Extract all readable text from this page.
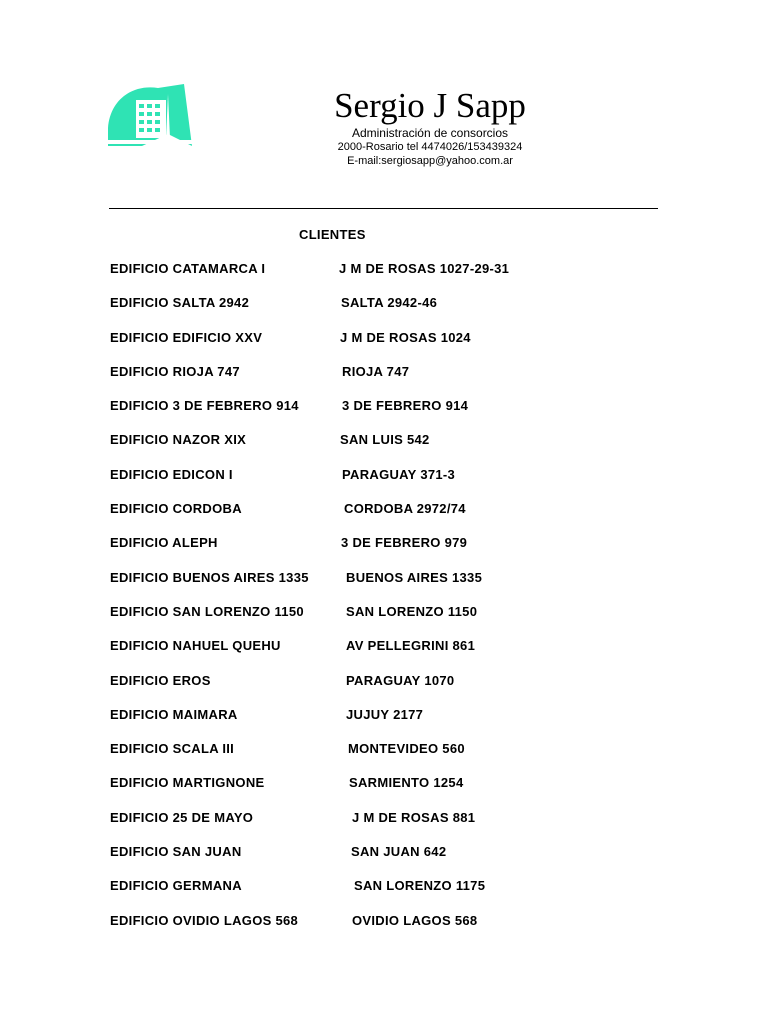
Sergio J Sapp
Administración de consorcios
2000-Rosario tel 4474026/153439324
E-mail:sergiosapp@yahoo.com.ar
CLIENTES
EDIFICIO CATAMARCA I	J M DE ROSAS 1027-29-31
EDIFICIO SALTA 2942	SALTA 2942-46
EDIFICIO EDIFICIO XXV	J M DE ROSAS 1024
EDIFICIO RIOJA 747	RIOJA 747
EDIFICIO 3 DE FEBRERO 914	3 DE FEBRERO 914
EDIFICIO NAZOR XIX	SAN LUIS 542
EDIFICIO EDICON I	PARAGUAY 371-3
EDIFICIO CORDOBA	CORDOBA 2972/74
EDIFICIO ALEPH	3 DE FEBRERO 979
EDIFICIO BUENOS AIRES 1335	BUENOS AIRES 1335
EDIFICIO SAN LORENZO 1150	SAN LORENZO 1150
EDIFICIO NAHUEL QUEHU	AV PELLEGRINI 861
EDIFICIO EROS	PARAGUAY 1070
EDIFICIO MAIMARA	JUJUY 2177
EDIFICIO SCALA III	MONTEVIDEO 560
EDIFICIO MARTIGNONE	SARMIENTO 1254
EDIFICIO 25 DE MAYO	J M DE ROSAS 881
EDIFICIO SAN JUAN	SAN JUAN 642
EDIFICIO GERMANA	SAN LORENZO 1175
EDIFICIO OVIDIO LAGOS 568	OVIDIO LAGOS 568
